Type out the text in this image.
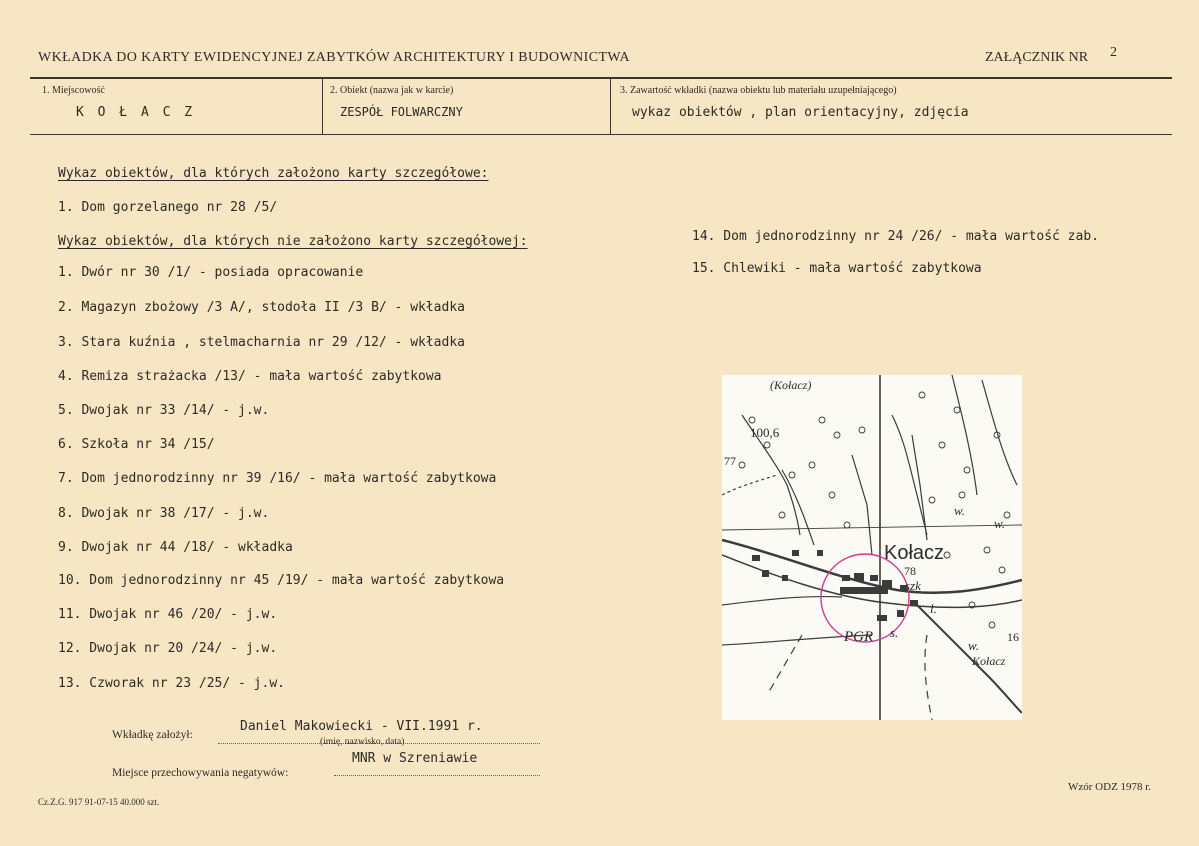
WKŁADKA DO KARTY EWIDENCYJNEJ ZABYTKÓW ARCHITEKTURY I BUDOWNICTWA	ZAŁĄCZNIK NR 2
1. Miejscowość
K O Ł A C Z
2. Obiekt (nazwa jak w karcie)
ZESPÓŁ FOLWARCZNY
3. Zawartość wkładki (nazwa obiektu lub materiału uzupełniającego)
wykaz obiektów , plan orientacyjny, zdjęcia
Wykaz obiektów, dla których założono karty szczegółowe:
1. Dom gorzelanego nr 28 /5/
Wykaz obiektów, dla których nie założono karty szczegółowej:
1. Dwór nr 30 /1/ - posiada opracowanie
2. Magazyn zbożowy /3 A/, stodoła II /3 B/ - wkładka
3. Stara kuźnia , stelmacharnia nr 29 /12/ - wkładka
4. Remiza strażacka /13/ - mała wartość zabytkowa
5. Dwojak nr 33 /14/ - j.w.
6. Szkoła nr 34 /15/
7. Dom jednorodzinny nr 39 /16/ - mała wartość zabytkowa
8. Dwojak nr 38 /17/ - j.w.
9. Dwojak nr 44 /18/ - wkładka
10. Dom jednorodzinny nr 45 /19/ - mała wartość zabytkowa
11. Dwojak nr 46 /20/ - j.w.
12. Dwojak nr 20 /24/ - j.w.
13. Czworak nr 23 /25/ - j.w.
14. Dom jednorodzinny nr 24 /26/ - mała wartość zab.
15. Chlewiki - mała wartość zabytkowa
(Kołacz)
100,6
77
Kołacz
78
szk
PGR s.
w.
w.
w.
l.
16
Kołacz
Wkładkę założył:
Daniel Makowiecki - VII.1991 r.
(imię, nazwisko, data)
Miejsce przechowywania negatywów:
MNR w Szreniawie
Cz.Z.G. 917 91-07-15 40.000 szt.
Wzór ODZ 1978 r.
